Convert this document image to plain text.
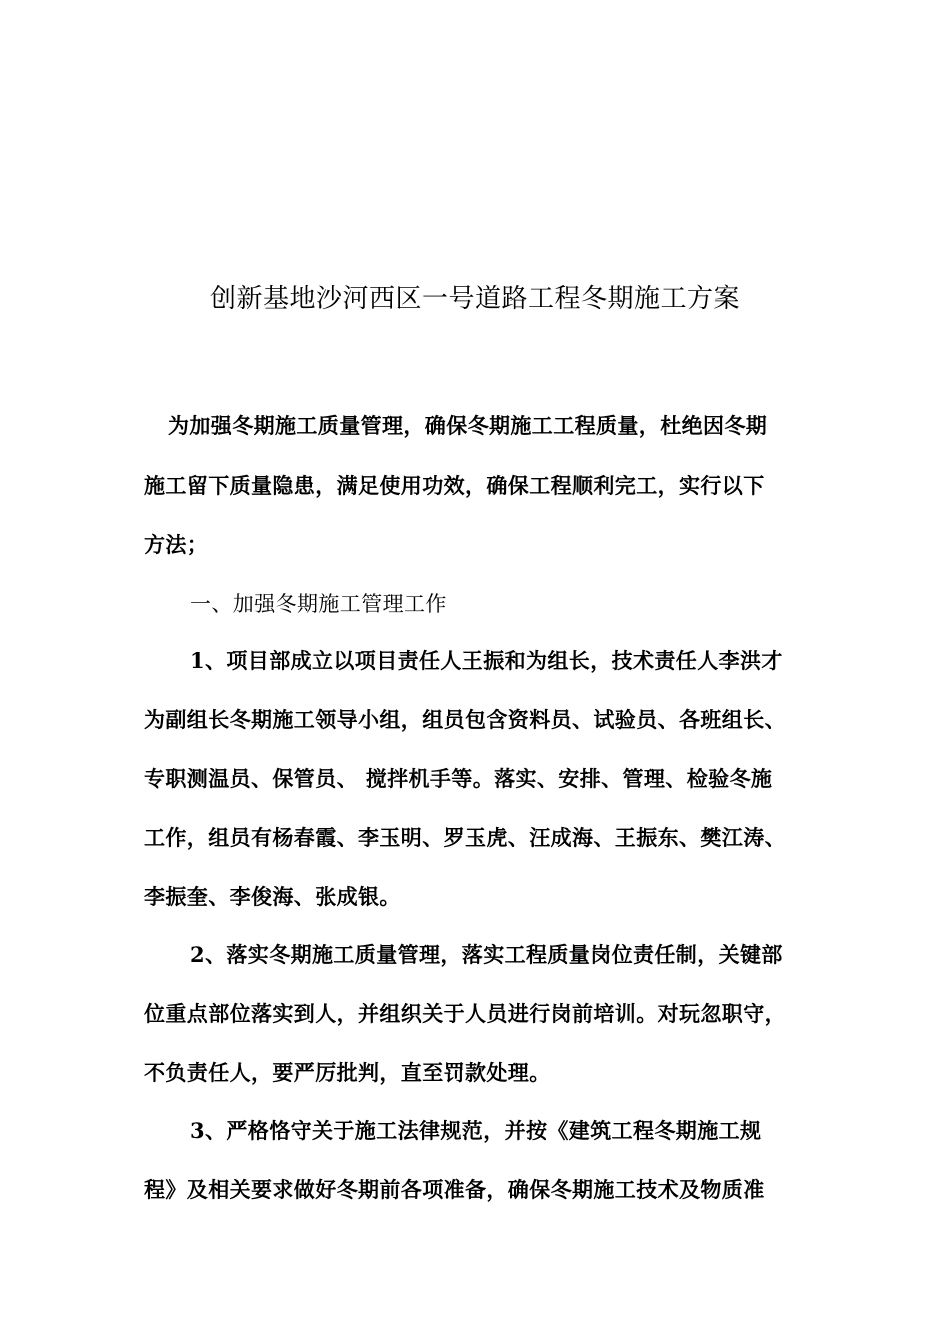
创新基地沙河西区一号道路工程冬期施工方案
为加强冬期施工质量管理，确保冬期施工工程质量，杜绝因冬期
施工留下质量隐患，满足使用功效，确保工程顺利完工，实行以下
方法；
一、加强冬期施工管理工作
1、项目部成立以项目责任人王振和为组长，技术责任人李洪才
为副组长冬期施工领导小组，组员包含资料员、试验员、各班组长、
专职测温员、保管员、 搅拌机手等。落实、安排、管理、检验冬施
工作，组员有杨春霞、李玉明、罗玉虎、汪成海、王振东、樊江涛、
李振奎、李俊海、张成银。
2、落实冬期施工质量管理，落实工程质量岗位责任制，关键部
位重点部位落实到人，并组织关于人员进行岗前培训。对玩忽职守，
不负责任人，要严厉批判，直至罚款处理。
3、严格恪守关于施工法律规范，并按《建筑工程冬期施工规
程》及相关要求做好冬期前各项准备，确保冬期施工技术及物质准
